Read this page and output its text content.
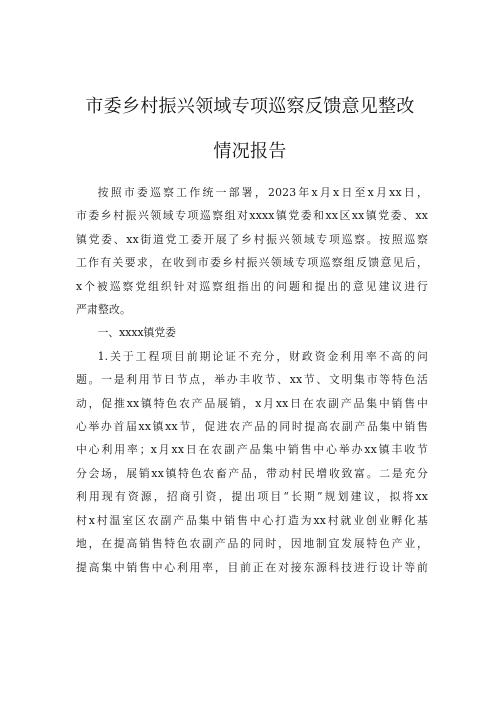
市委乡村振兴领域专项巡察反馈意见整改
情况报告
按照市委巡察工作统一部署，2023年x月x日至x月xx日，
市委乡村振兴领域专项巡察组对xxxx镇党委和xx区xx镇党委、xx
镇党委、xx街道党工委开展了乡村振兴领域专项巡察。按照巡察
工作有关要求，在收到市委乡村振兴领域专项巡察组反馈意见后，
x个被巡察党组织针对巡察组指出的问题和提出的意见建议进行
严肃整改。
一、xxxx镇党委
1.关于工程项目前期论证不充分，财政资金利用率不高的问
题。一是利用节日节点，举办丰收节、xx节、文明集市等特色活
动，促推xx镇特色农产品展销，x月xx日在农副产品集中销售中
心举办首届xx镇xx节，促进农产品的同时提高农副产品集中销售
中心利用率；x月xx日在农副产品集中销售中心举办xx镇丰收节
分会场，展销xx镇特色农畜产品，带动村民增收致富。二是充分
利用现有资源，招商引资，提出项目“长期”规划建议，拟将xx
村x村温室区农副产品集中销售中心打造为xx村就业创业孵化基
地，在提高销售特色农副产品的同时，因地制宜发展特色产业，
提高集中销售中心利用率，目前正在对接东源科技进行设计等前
